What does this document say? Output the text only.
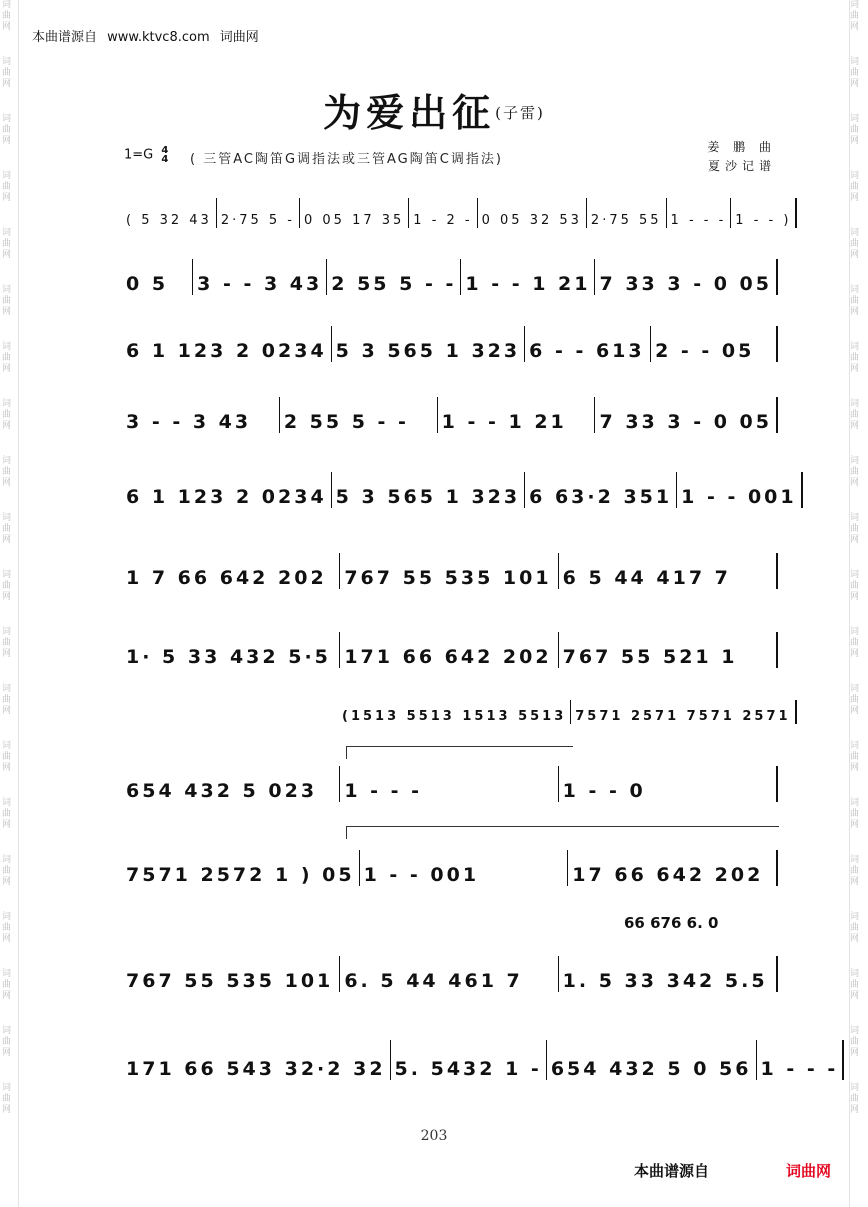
词曲网
词曲网
词曲网
词曲网
词曲网
词曲网
词曲网
词曲网
词曲网
词曲网
词曲网
词曲网
词曲网
词曲网
词曲网
词曲网
词曲网
词曲网
词曲网
词曲网
词曲网
词曲网
词曲网
词曲网
词曲网
词曲网
词曲网
词曲网
词曲网
词曲网
词曲网
词曲网
词曲网
词曲网
词曲网
词曲网
词曲网
词曲网
词曲网
词曲网
本曲谱源自 www.ktvc8.com 词曲网
为爱出征$^{(子雷)}$
1=G 4
4	( 三管AC陶笛G调指法或三管AG陶笛C调指法)
姜 鹏 曲
夏沙记谱
( 5 32 43 2·75 5 - 0 05 17 35 1 - 2 - 0 05 32 53 2·75 55 1 - - - 1 - - )
0 5 3 - - 3 43 2 55 5 - - 1 - - 1 21 7 33 3 - 0 05
6 1 123 2 0234 5 3 565 1 323 6 - - 613 2 - - 05
3 - - 3 43 2 55 5 - - 1 - - 1 21 7 33 3 - 0 05
6 1 123 2 0234 5 3 565 1 323 6 63·2 351 1 - - 001
1 7 66 642 202 767 55 535 101 6 5 44 417 7
1· 5 33 432 5·5 171 66 642 202 767 55 521 1
(1513 5513 1513 5513 7571 2571 7571 2571
654 432 5 023 1 - - -	1 - - 0
7571 2572 1 ) 05 1 - - 001	17 66 642 202
66 676 6. 0
767 55 535 101 6. 5 44 461 7 1. 5 33 342 5.5
171 66 543 32·2 32 5. 5432 1 - 654 432 5 0 56 1 - - -
203
本曲谱源自	词曲网
